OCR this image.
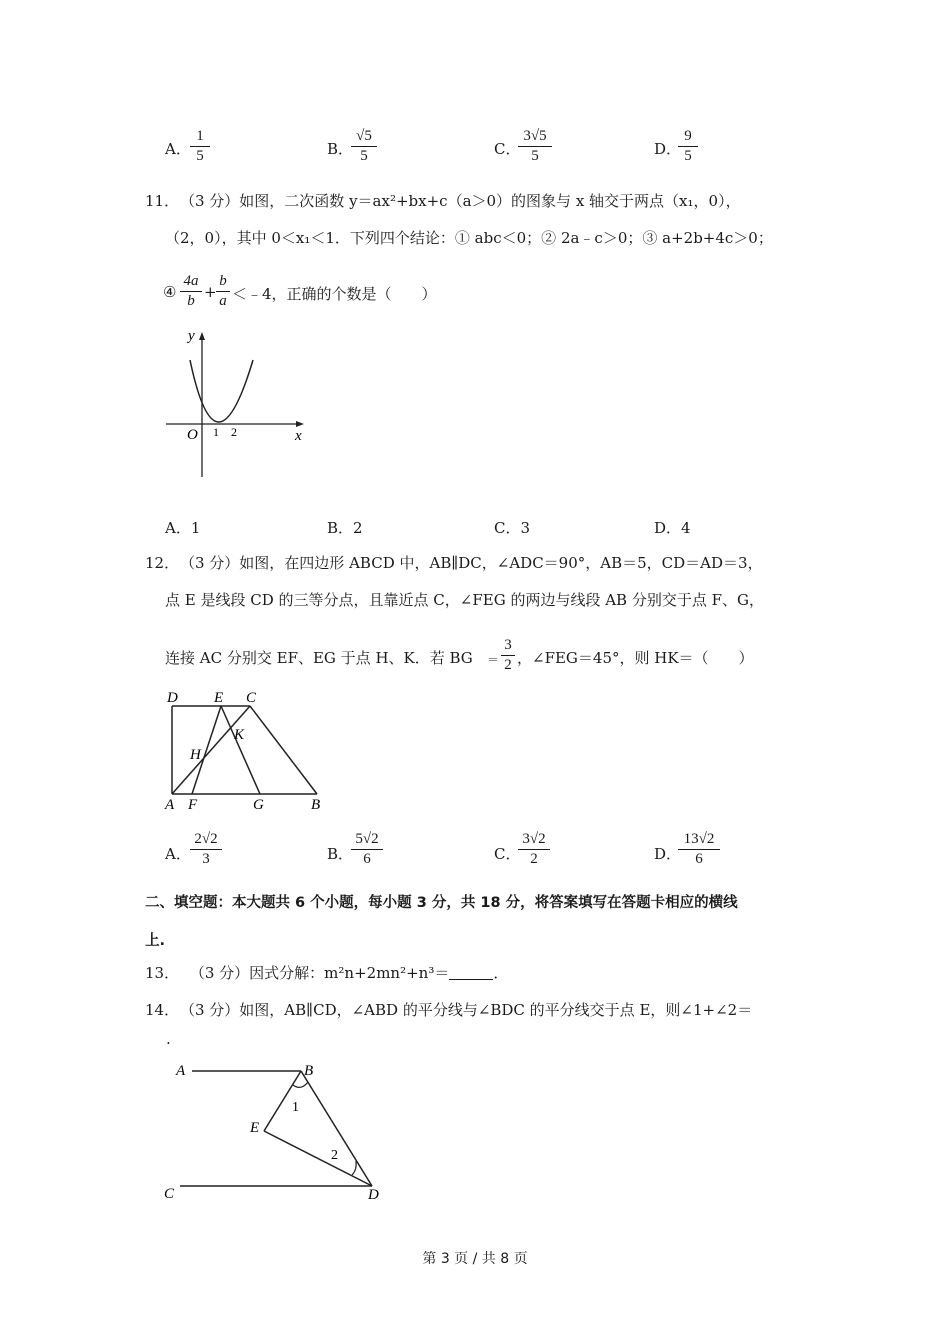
A．
1
5	B．
√5
5	C．
3√5
5	D．
9
5
11． （3 分）如图，二次函数 y＝ax²+bx+c（a＞0）的图象与 x 轴交于两点（x₁，0），
（2，0），其中 0＜x₁＜1．下列四个结论：① abc＜0；② 2a﹣c＞0；③ a+2b+4c＞0；
④
4a
b +
b
a ＜﹣4，正确的个数是（　　）
y
x
O 1 2
A．1	B．2	C．3	D．4
12． （3 分）如图，在四边形 ABCD 中，AB∥DC，∠ADC＝90°，AB＝5，CD＝AD＝3，
点 E 是线段 CD 的三等分点，且靠近点 C，∠FEG 的两边与线段 AB 分别交于点 F、G，
连接 AC 分别交 EF、EG 于点 H、K．若 BG ＝
3
2 ，∠FEG＝45°，则 HK＝（　　）
D E C
H
K
A F	G	B
A．
2√2
3	B．
5√2
6	C．
3√2
2	D．
13√2
6
二、填空题：本大题共 6 个小题，每小题 3 分，共 18 分，将答案填写在答题卡相应的横线
上.
13． （3 分）因式分解：m²n+2mn²+n³＝	．
14． （3 分）如图，AB∥CD，∠ABD 的平分线与∠BDC 的平分线交于点 E，则∠1+∠2＝
.
A	B
E
C	D
1
2
第 3 页 / 共 8 页
